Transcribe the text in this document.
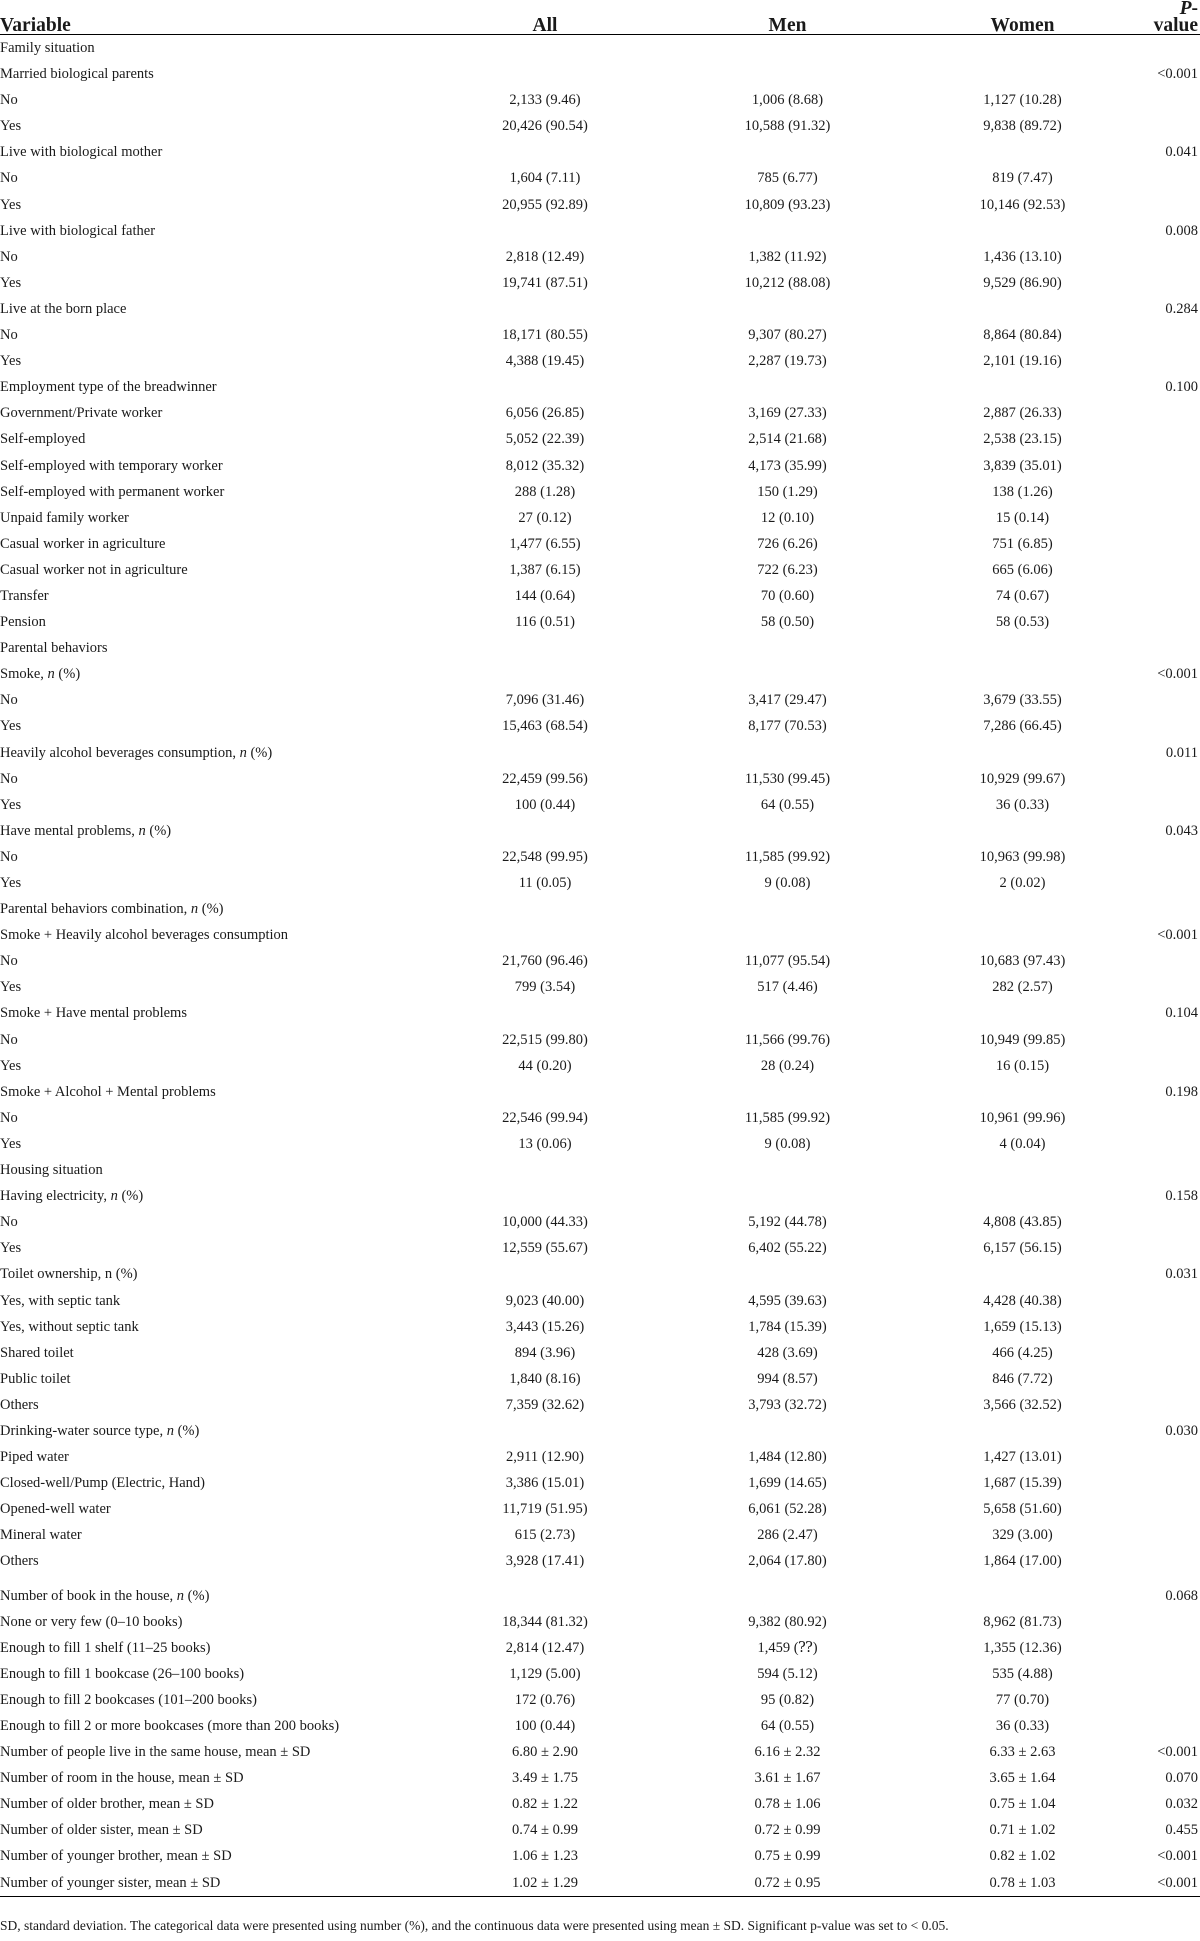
Variable	All	Men	Women	P-value
Family situation				
Married biological parents				<0.001
No	2,133 (9.46)	1,006 (8.68)	1,127 (10.28)	
Yes	20,426 (90.54)	10,588 (91.32)	9,838 (89.72)	
Live with biological mother				0.041
No	1,604 (7.11)	785 (6.77)	819 (7.47)	
Yes	20,955 (92.89)	10,809 (93.23)	10,146 (92.53)	
Live with biological father				0.008
No	2,818 (12.49)	1,382 (11.92)	1,436 (13.10)	
Yes	19,741 (87.51)	10,212 (88.08)	9,529 (86.90)	
Live at the born place				0.284
No	18,171 (80.55)	9,307 (80.27)	8,864 (80.84)	
Yes	4,388 (19.45)	2,287 (19.73)	2,101 (19.16)	
Employment type of the breadwinner				0.100
Government/Private worker	6,056 (26.85)	3,169 (27.33)	2,887 (26.33)	
Self-employed	5,052 (22.39)	2,514 (21.68)	2,538 (23.15)	
Self-employed with temporary worker	8,012 (35.32)	4,173 (35.99)	3,839 (35.01)	
Self-employed with permanent worker	288 (1.28)	150 (1.29)	138 (1.26)	
Unpaid family worker	27 (0.12)	12 (0.10)	15 (0.14)	
Casual worker in agriculture	1,477 (6.55)	726 (6.26)	751 (6.85)	
Casual worker not in agriculture	1,387 (6.15)	722 (6.23)	665 (6.06)	
Transfer	144 (0.64)	70 (0.60)	74 (0.67)	
Pension	116 (0.51)	58 (0.50)	58 (0.53)	
Parental behaviors				
Smoke, n (%)				<0.001
No	7,096 (31.46)	3,417 (29.47)	3,679 (33.55)	
Yes	15,463 (68.54)	8,177 (70.53)	7,286 (66.45)	
Heavily alcohol beverages consumption, n (%)				0.011
No	22,459 (99.56)	11,530 (99.45)	10,929 (99.67)	
Yes	100 (0.44)	64 (0.55)	36 (0.33)	
Have mental problems, n (%)				0.043
No	22,548 (99.95)	11,585 (99.92)	10,963 (99.98)	
Yes	11 (0.05)	9 (0.08)	2 (0.02)	
Parental behaviors combination, n (%)				
Smoke + Heavily alcohol beverages consumption				<0.001
No	21,760 (96.46)	11,077 (95.54)	10,683 (97.43)	
Yes	799 (3.54)	517 (4.46)	282 (2.57)	
Smoke + Have mental problems				0.104
No	22,515 (99.80)	11,566 (99.76)	10,949 (99.85)	
Yes	44 (0.20)	28 (0.24)	16 (0.15)	
Smoke + Alcohol + Mental problems				0.198
No	22,546 (99.94)	11,585 (99.92)	10,961 (99.96)	
Yes	13 (0.06)	9 (0.08)	4 (0.04)	
Housing situation				
Having electricity, n (%)				0.158
No	10,000 (44.33)	5,192 (44.78)	4,808 (43.85)	
Yes	12,559 (55.67)	6,402 (55.22)	6,157 (56.15)	
Toilet ownership, n (%)				0.031
Yes, with septic tank	9,023 (40.00)	4,595 (39.63)	4,428 (40.38)	
Yes, without septic tank	3,443 (15.26)	1,784 (15.39)	1,659 (15.13)	
Shared toilet	894 (3.96)	428 (3.69)	466 (4.25)	
Public toilet	1,840 (8.16)	994 (8.57)	846 (7.72)	
Others	7,359 (32.62)	3,793 (32.72)	3,566 (32.52)	
Drinking-water source type, n (%)				0.030
Piped water	2,911 (12.90)	1,484 (12.80)	1,427 (13.01)	
Closed-well/Pump (Electric, Hand)	3,386 (15.01)	1,699 (14.65)	1,687 (15.39)	
Opened-well water	11,719 (51.95)	6,061 (52.28)	5,658 (51.60)	
Mineral water	615 (2.73)	286 (2.47)	329 (3.00)	
Others	3,928 (17.41)	2,064 (17.80)	1,864 (17.00)	

Number of book in the house, n (%)				0.068
None or very few (0–10 books)	18,344 (81.32)	9,382 (80.92)	8,962 (81.73)	
Enough to fill 1 shelf (11–25 books)	2,814 (12.47)	1,459 (⁇)	1,355 (12.36)	
Enough to fill 1 bookcase (26–100 books)	1,129 (5.00)	594 (5.12)	535 (4.88)	
Enough to fill 2 bookcases (101–200 books)	172 (0.76)	95 (0.82)	77 (0.70)	
Enough to fill 2 or more bookcases (more than 200 books)	100 (0.44)	64 (0.55)	36 (0.33)	
Number of people live in the same house, mean ± SD	6.80 ± 2.90	6.16 ± 2.32	6.33 ± 2.63	<0.001
Number of room in the house, mean ± SD	3.49 ± 1.75	3.61 ± 1.67	3.65 ± 1.64	0.070
Number of older brother, mean ± SD	0.82 ± 1.22	0.78 ± 1.06	0.75 ± 1.04	0.032
Number of older sister, mean ± SD	0.74 ± 0.99	0.72 ± 0.99	0.71 ± 1.02	0.455
Number of younger brother, mean ± SD	1.06 ± 1.23	0.75 ± 0.99	0.82 ± 1.02	<0.001
Number of younger sister, mean ± SD	1.02 ± 1.29	0.72 ± 0.95	0.78 ± 1.03	<0.001
SD, standard deviation. The categorical data were presented using number (%), and the continuous data were presented using mean ± SD. Significant p-value was set to < 0.05.
